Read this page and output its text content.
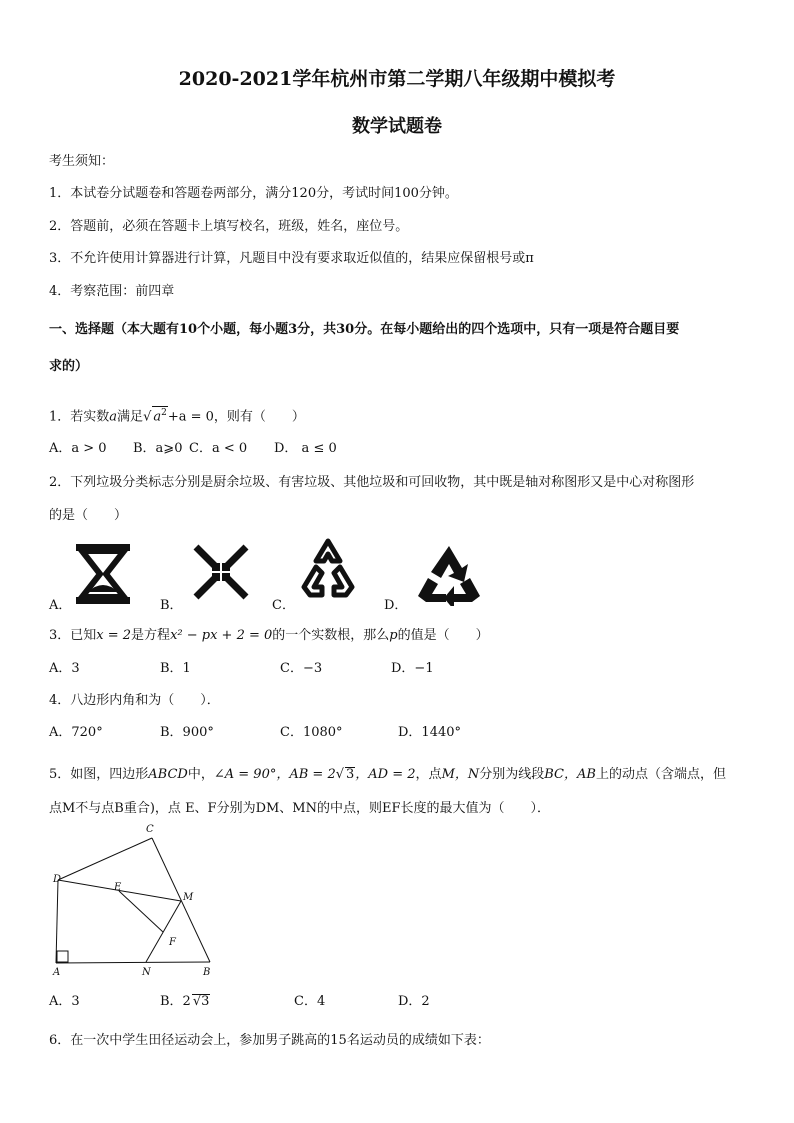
2020-2021学年杭州市第二学期八年级期中模拟考
数学试题卷
考生须知：
1．本试卷分试题卷和答题卷两部分，满分120分，考试时间100分钟。
2．答题前，必须在答题卡上填写校名，班级，姓名，座位号。
3．不允许使用计算器进行计算，凡题目中没有要求取近似值的，结果应保留根号或π
4．考察范围：前四章
一、选择题（本大题有10个小题，每小题3分，共30分。在每小题给出的四个选项中，只有一项是符合题目要
求的）
1．若实数a满足√ $a^2+a = 0$，则有（　　）
A．a > 0 B．a⩾0 C．a < 0 D． a ≤ 0
2．下列垃圾分类标志分别是厨余垃圾、有害垃圾、其他垃圾和可回收物，其中既是轴对称图形又是中心对称图形
的是（　　）
A．	B．	C．	D．
3．已知x = 2是方程x² − px + 2 = 0的一个实数根，那么p的值是（　　）
A．3	B．1	C．−3	D．−1
4．八边形内角和为（　　）．
A．720°	B．900°	C．1080°	D．1440°
5．如图，四边形ABCD中，∠A = 90°，AB = 2√ 3，AD = 2，点M，N分别为线段BC，AB上的动点（含端点，但
点M不与点B重合)，点 E、F分别为DM、MN的中点，则EF长度的最大值为（　　）．
C
D
E
M
F
A	N	B
A．3	B．2 √3	C．4	D．2
6．在一次中学生田径运动会上，参加男子跳高的15名运动员的成绩如下表：
